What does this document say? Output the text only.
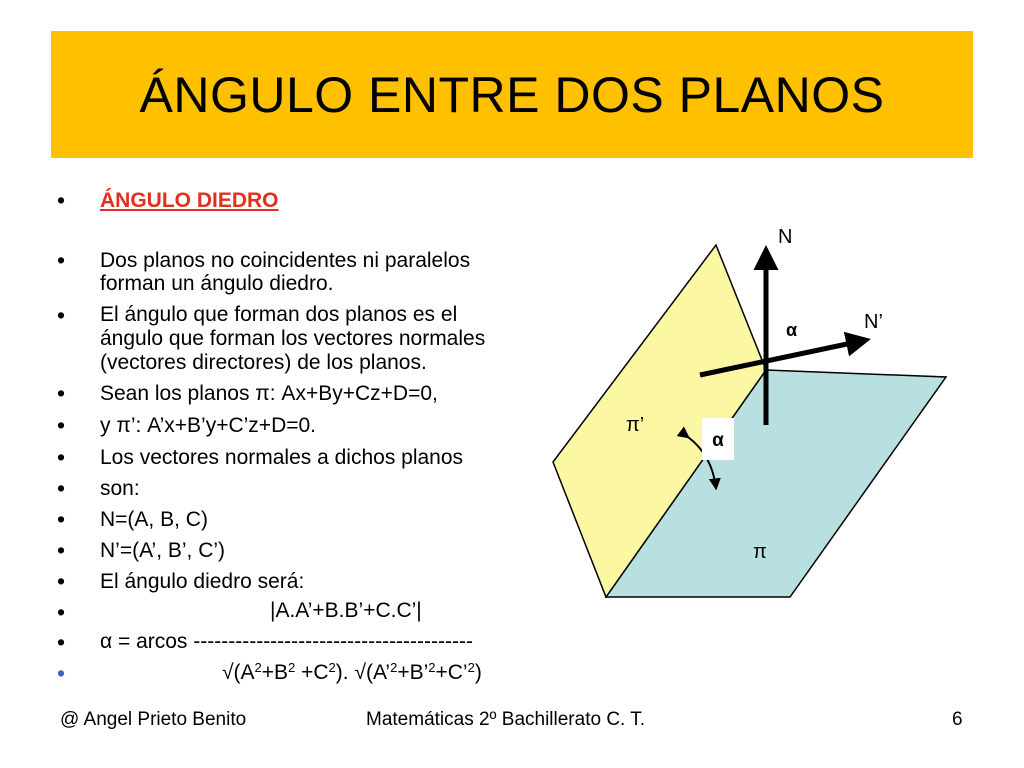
ÁNGULO ENTRE DOS PLANOS
• ÁNGULO DIEDRO
• Dos planos no coincidentes ni paralelos
forman un ángulo diedro.
• El ángulo que forman dos planos es el
ángulo que forman los vectores normales
(vectores directores) de los planos.
• Sean los planos π: Ax+By+Cz+D=0,
• y π’: A’x+B’y+C’z+D=0.
• Los vectores normales a dichos planos
• son:
• N=(A, B, C)
• N’=(A’, B’, C’)
• El ángulo diedro será:
•	|A.A’+B.B’+C.C’|
• α = arcos ----------------------------------------
•	$√(A^2+B^2 +C^2)$. √(A’$^2$+B’$^2$+C’$^2$)
α
N
N’
α
π’
π
@ Angel Prieto Benito	Matemáticas 2º Bachillerato C. T.	6
